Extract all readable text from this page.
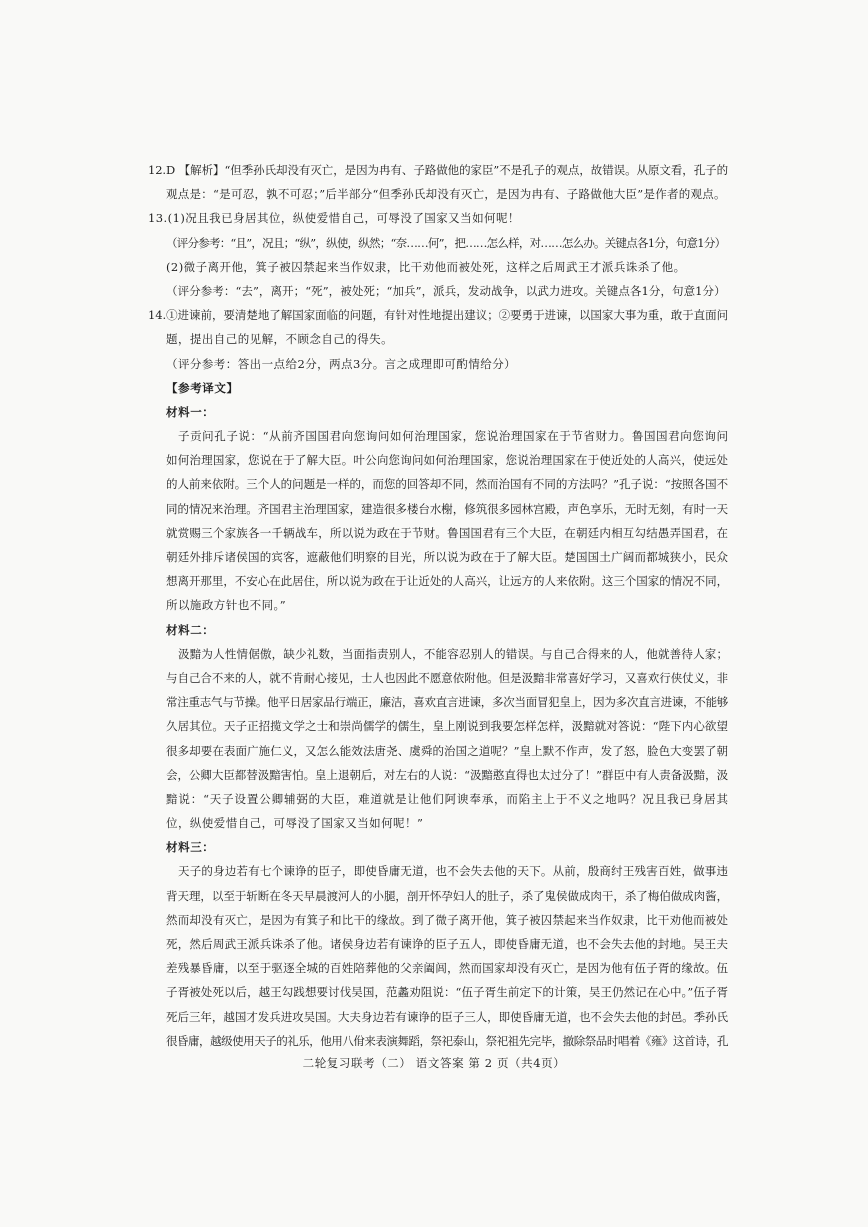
12.D 【解析】“但季孙氏却没有灭亡，是因为冉有、子路做他的家臣”不是孔子的观点，故错误。从原文看，孔子的
观点是：“是可忍，孰不可忍；”后半部分“但季孙氏却没有灭亡，是因为冉有、子路做他大臣”是作者的观点。
13.(1)况且我已身居其位，纵使爱惜自己，可辱没了国家又当如何呢！
（评分参考：“且”，况且；“纵”，纵使，纵然；“奈……何”，把……怎么样，对……怎么办。关键点各1分，句意1分）
(2)微子离开他，箕子被囚禁起来当作奴隶，比干劝他而被处死，这样之后周武王才派兵诛杀了他。
（评分参考：“去”，离开；“死”，被处死；“加兵”，派兵，发动战争，以武力进攻。关键点各1分，句意1分）
14.①进谏前，要清楚地了解国家面临的问题，有针对性地提出建议；②要勇于进谏，以国家大事为重，敢于直面问
题，提出自己的见解，不顾念自己的得失。
（评分参考：答出一点给2分，两点3分。言之成理即可酌情给分）
【参考译文】
材料一：
子贡问孔子说：“从前齐国国君向您询问如何治理国家，您说治理国家在于节省财力。鲁国国君向您询问
如何治理国家，您说在于了解大臣。叶公向您询问如何治理国家，您说治理国家在于使近处的人高兴，使远处
的人前来依附。三个人的问题是一样的，而您的回答却不同，然而治国有不同的方法吗？”孔子说：“按照各国不
同的情况来治理。齐国君主治理国家，建造很多楼台水榭，修筑很多园林宫殿，声色享乐，无时无刻，有时一天
就赏赐三个家族各一千辆战车，所以说为政在于节财。鲁国国君有三个大臣，在朝廷内相互勾结愚弄国君，在
朝廷外排斥诸侯国的宾客，遮蔽他们明察的目光，所以说为政在于了解大臣。楚国国土广阔而都城狭小，民众
想离开那里，不安心在此居住，所以说为政在于让近处的人高兴，让远方的人来依附。这三个国家的情况不同，
所以施政方针也不同。”
材料二：
汲黯为人性情倨傲，缺少礼数，当面指责别人，不能容忍别人的错误。与自己合得来的人，他就善待人家；
与自己合不来的人，就不肯耐心接见，士人也因此不愿意依附他。但是汲黯非常喜好学习，又喜欢行侠仗义，非
常注重志气与节操。他平日居家品行端正，廉洁，喜欢直言进谏，多次当面冒犯皇上，因为多次直言进谏，不能够
久居其位。天子正招揽文学之士和崇尚儒学的儒生，皇上刚说到我要怎样怎样，汲黯就对答说：“陛下内心欲望
很多却要在表面广施仁义，又怎么能效法唐尧、虞舜的治国之道呢？”皇上默不作声，发了怒，脸色大变罢了朝
会，公卿大臣都替汲黯害怕。皇上退朝后，对左右的人说：“汲黯憨直得也太过分了！”群臣中有人责备汲黯，汲
黯说：“天子设置公卿辅弼的大臣，难道就是让他们阿谀奉承，而陷主上于不义之地吗？况且我已身居其
位，纵使爱惜自己，可辱没了国家又当如何呢！”
材料三：
天子的身边若有七个谏诤的臣子，即使昏庸无道，也不会失去他的天下。从前，殷商纣王残害百姓，做事违
背天理，以至于斩断在冬天早晨渡河人的小腿，剖开怀孕妇人的肚子，杀了鬼侯做成肉干，杀了梅伯做成肉酱，
然而却没有灭亡，是因为有箕子和比干的缘故。到了微子离开他，箕子被囚禁起来当作奴隶，比干劝他而被处
死，然后周武王派兵诛杀了他。诸侯身边若有谏诤的臣子五人，即使昏庸无道，也不会失去他的封地。吴王夫
差残暴昏庸，以至于驱逐全城的百姓陪葬他的父亲阖闾，然而国家却没有灭亡，是因为他有伍子胥的缘故。伍
子胥被处死以后，越王勾践想要讨伐吴国，范蠡劝阻说：“伍子胥生前定下的计策，吴王仍然记在心中。”伍子胥
死后三年，越国才发兵进攻吴国。大夫身边若有谏诤的臣子三人，即使昏庸无道，也不会失去他的封邑。季孙氏
很昏庸，越级使用天子的礼乐，他用八佾来表演舞蹈，祭祀泰山，祭祀祖先完毕，撤除祭品时唱着《雍》这首诗，孔
二轮复习联考（二） 语文答案 第 2 页（共4页）
